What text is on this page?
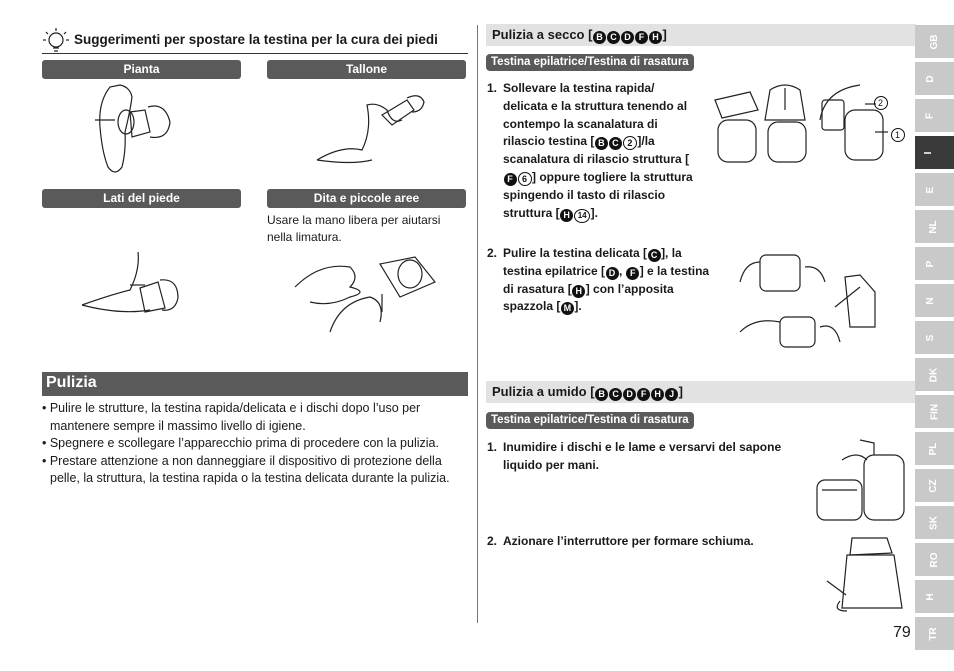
Suggerimenti per spostare la testina per la cura dei piedi
Pianta	Tallone
Lati del piede	Dita e piccole aree
Usare la mano libera per aiutarsi nella limatura.
Pulizia
• Pulire le strutture, la testina rapida/delicata e i dischi dopo l’uso per mantenere sempre il massimo livello di igiene.
• Spegnere e scollegare l’apparecchio prima di procedere con la pulizia.
• Prestare attenzione a non danneggiare il dispositivo di protezione della pelle, la struttura, la testina rapida o la testina delicata durante la pulizia.
Pulizia a secco [ B C D F H ]
Testina epilatrice/Testina di rasatura
1. Sollevare la testina rapida/ delicata e la struttura tenendo al contempo la scanalatura di rilascio testina [ B C 2 ]/la scanalatura di rilascio struttura [F 6 ] oppure togliere la struttura spingendo il tasto di rilascio struttura [ H 14 ].
2
1
2. Pulire la testina delicata [ C ], la testina epilatrice [ D , F ] e la testina di rasatura [ H ] con l’apposita spazzola [ M ].
Pulizia a umido [ B C D F H J ]
Testina epilatrice/Testina di rasatura
1. Inumidire i dischi e le lame e versarvi del sapone liquido per mani.
2. Azionare l’interruttore per formare schiuma.
GB
D
F
I
E
NL
P
N
S
DK
FIN
PL
CZ
SK
RO
H
TR
79
